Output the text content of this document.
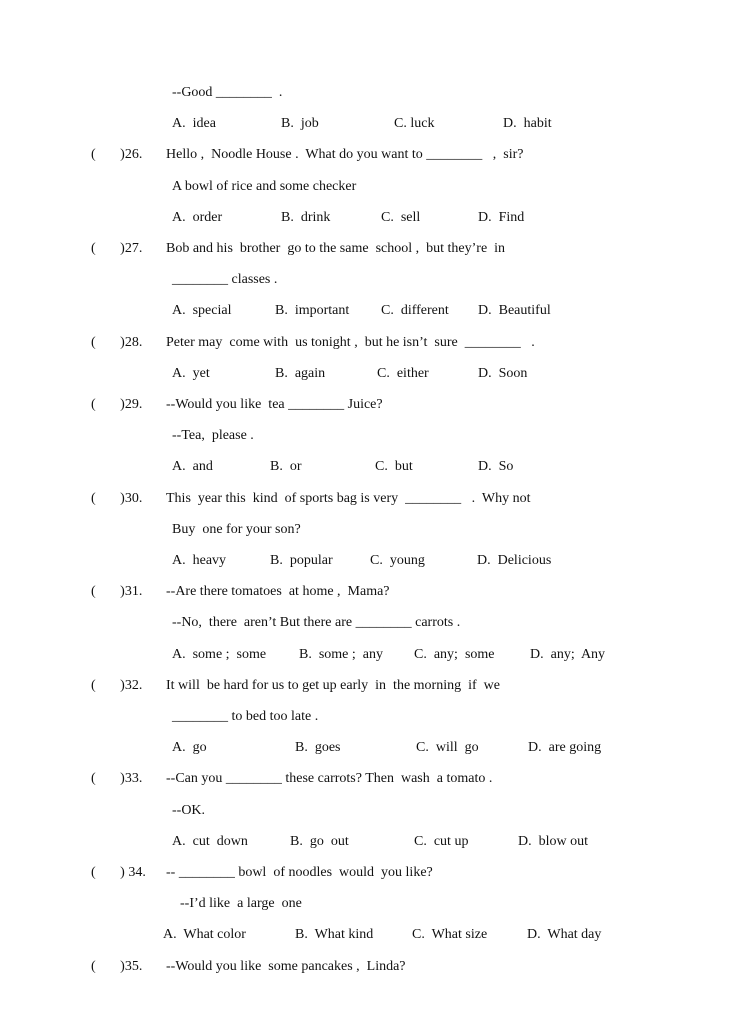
--Good ________  .
A.  idea	B.  job	C. luck	D.  habit
(       )26. Hello ,  Noodle House .  What do you want to ________   ,  sir?
A bowl of rice and some checker
A.  order	B.  drink	C.  sell	D.  Find
(       )27. Bob and his  brother  go to the same  school ,  but they’re  in
________ classes .
A.  special	B.  important C.  different D.  Beautiful
(       )28. Peter may  come with  us tonight ,  but he isn’t  sure  ________   .
A.  yet	B.  again	C.  either	D.  Soon
(       )29. --Would you like  tea ________ Juice?
--Tea,  please .
A.  and	B.  or	C.  but	D.  So
(       )30. This  year this  kind  of sports bag is very  ________   .  Why not
Buy  one for your son?
A.  heavy	B.  popular	C.  young	D.  Delicious
(       )31. --Are there tomatoes  at home ,  Mama?
--No,  there  aren’t But there are ________ carrots .
A.  some ;  some B.  some ;  any C.  any;  some	D.  any;  Any
(       )32. It will  be hard for us to get up early  in  the morning  if  we
________ to bed too late .
A.  go	B.  goes	C.  will  go	D.  are going
(       )33. --Can you ________ these carrots? Then  wash  a tomato .
--OK.
A.  cut  down	B.  go  out	C.  cut up	D.  blow out
(       ) 34. -- ________ bowl  of noodles  would  you like?
--I’d like  a large  one
A.  What color	B.  What kind	C.  What size	D.  What day
(       )35. --Would you like  some pancakes ,  Linda?
